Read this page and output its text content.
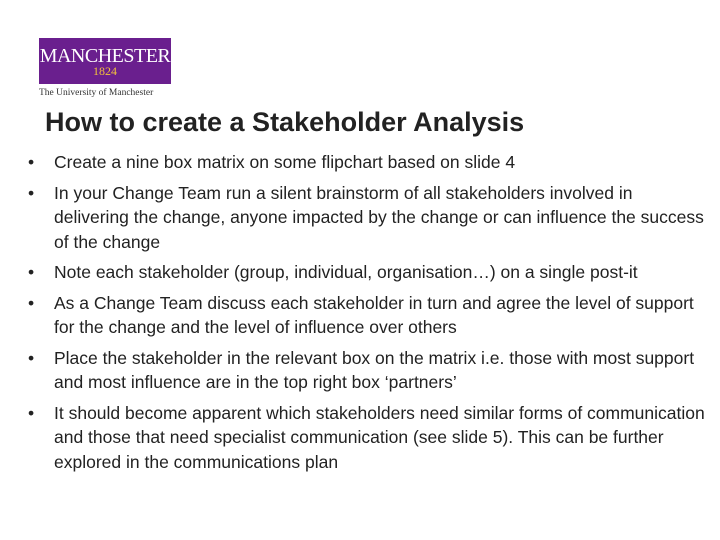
MANCHESTER
1824
The University of Manchester
How to create a Stakeholder Analysis
• Create a nine box matrix on some flipchart based on slide 4
• In your Change Team run a silent brainstorm of all stakeholders involved in delivering the change, anyone impacted by the change or can influence the success of the change
• Note each stakeholder (group, individual, organisation…) on a single post-it
• As a Change Team discuss each stakeholder in turn and agree the level of support for the change and the level of influence over others
• Place the stakeholder in the relevant box on the matrix i.e. those with most support and most influence are in the top right box ‘partners’
• It should become apparent which stakeholders need similar forms of communication and those that need specialist communication (see slide 5). This can be further explored in the communications plan
